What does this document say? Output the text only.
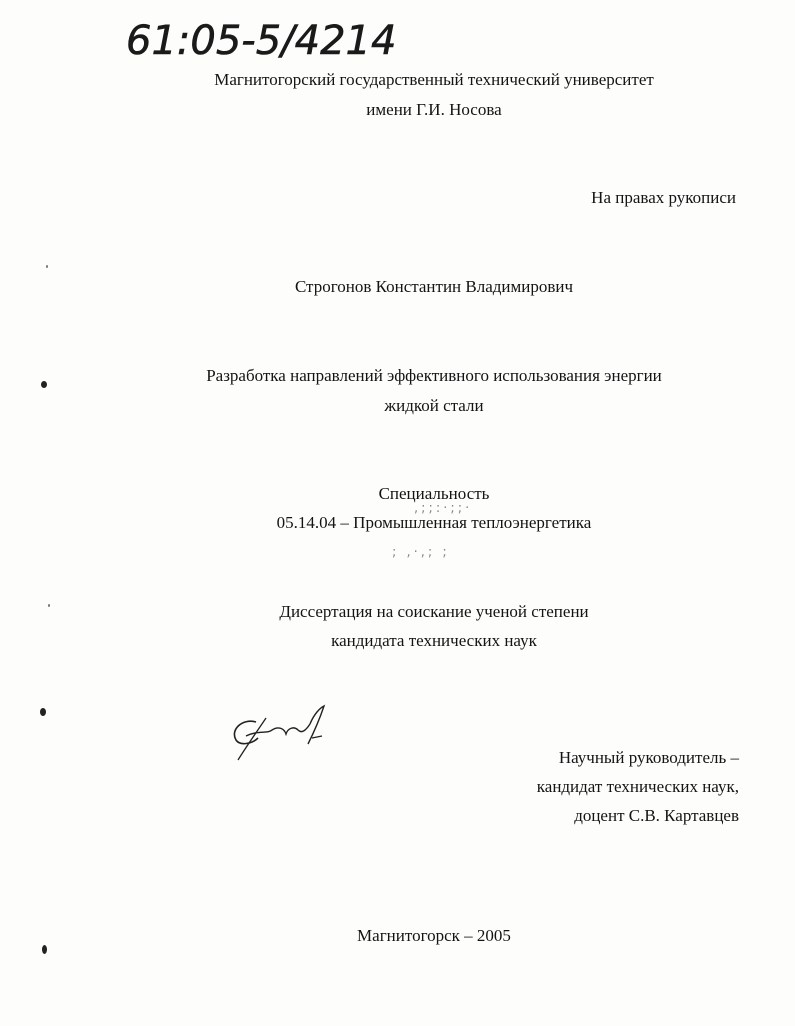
61:05-5/4214
Магнитогорский государственный технический университет
имени Г.И. Носова
На правах рукописи
Строгонов Константин Владимирович
Разработка направлений эффективного использования энергии
жидкой стали
Специальность
05.14.04 – Промышленная теплоэнергетика
Диссертация на соискание ученой степени
кандидата технических наук
Научный руководитель –
кандидат технических наук,
доцент С.В. Картавцев
Магнитогорск – 2005
,;;:·;;·
; ,·,; ;
